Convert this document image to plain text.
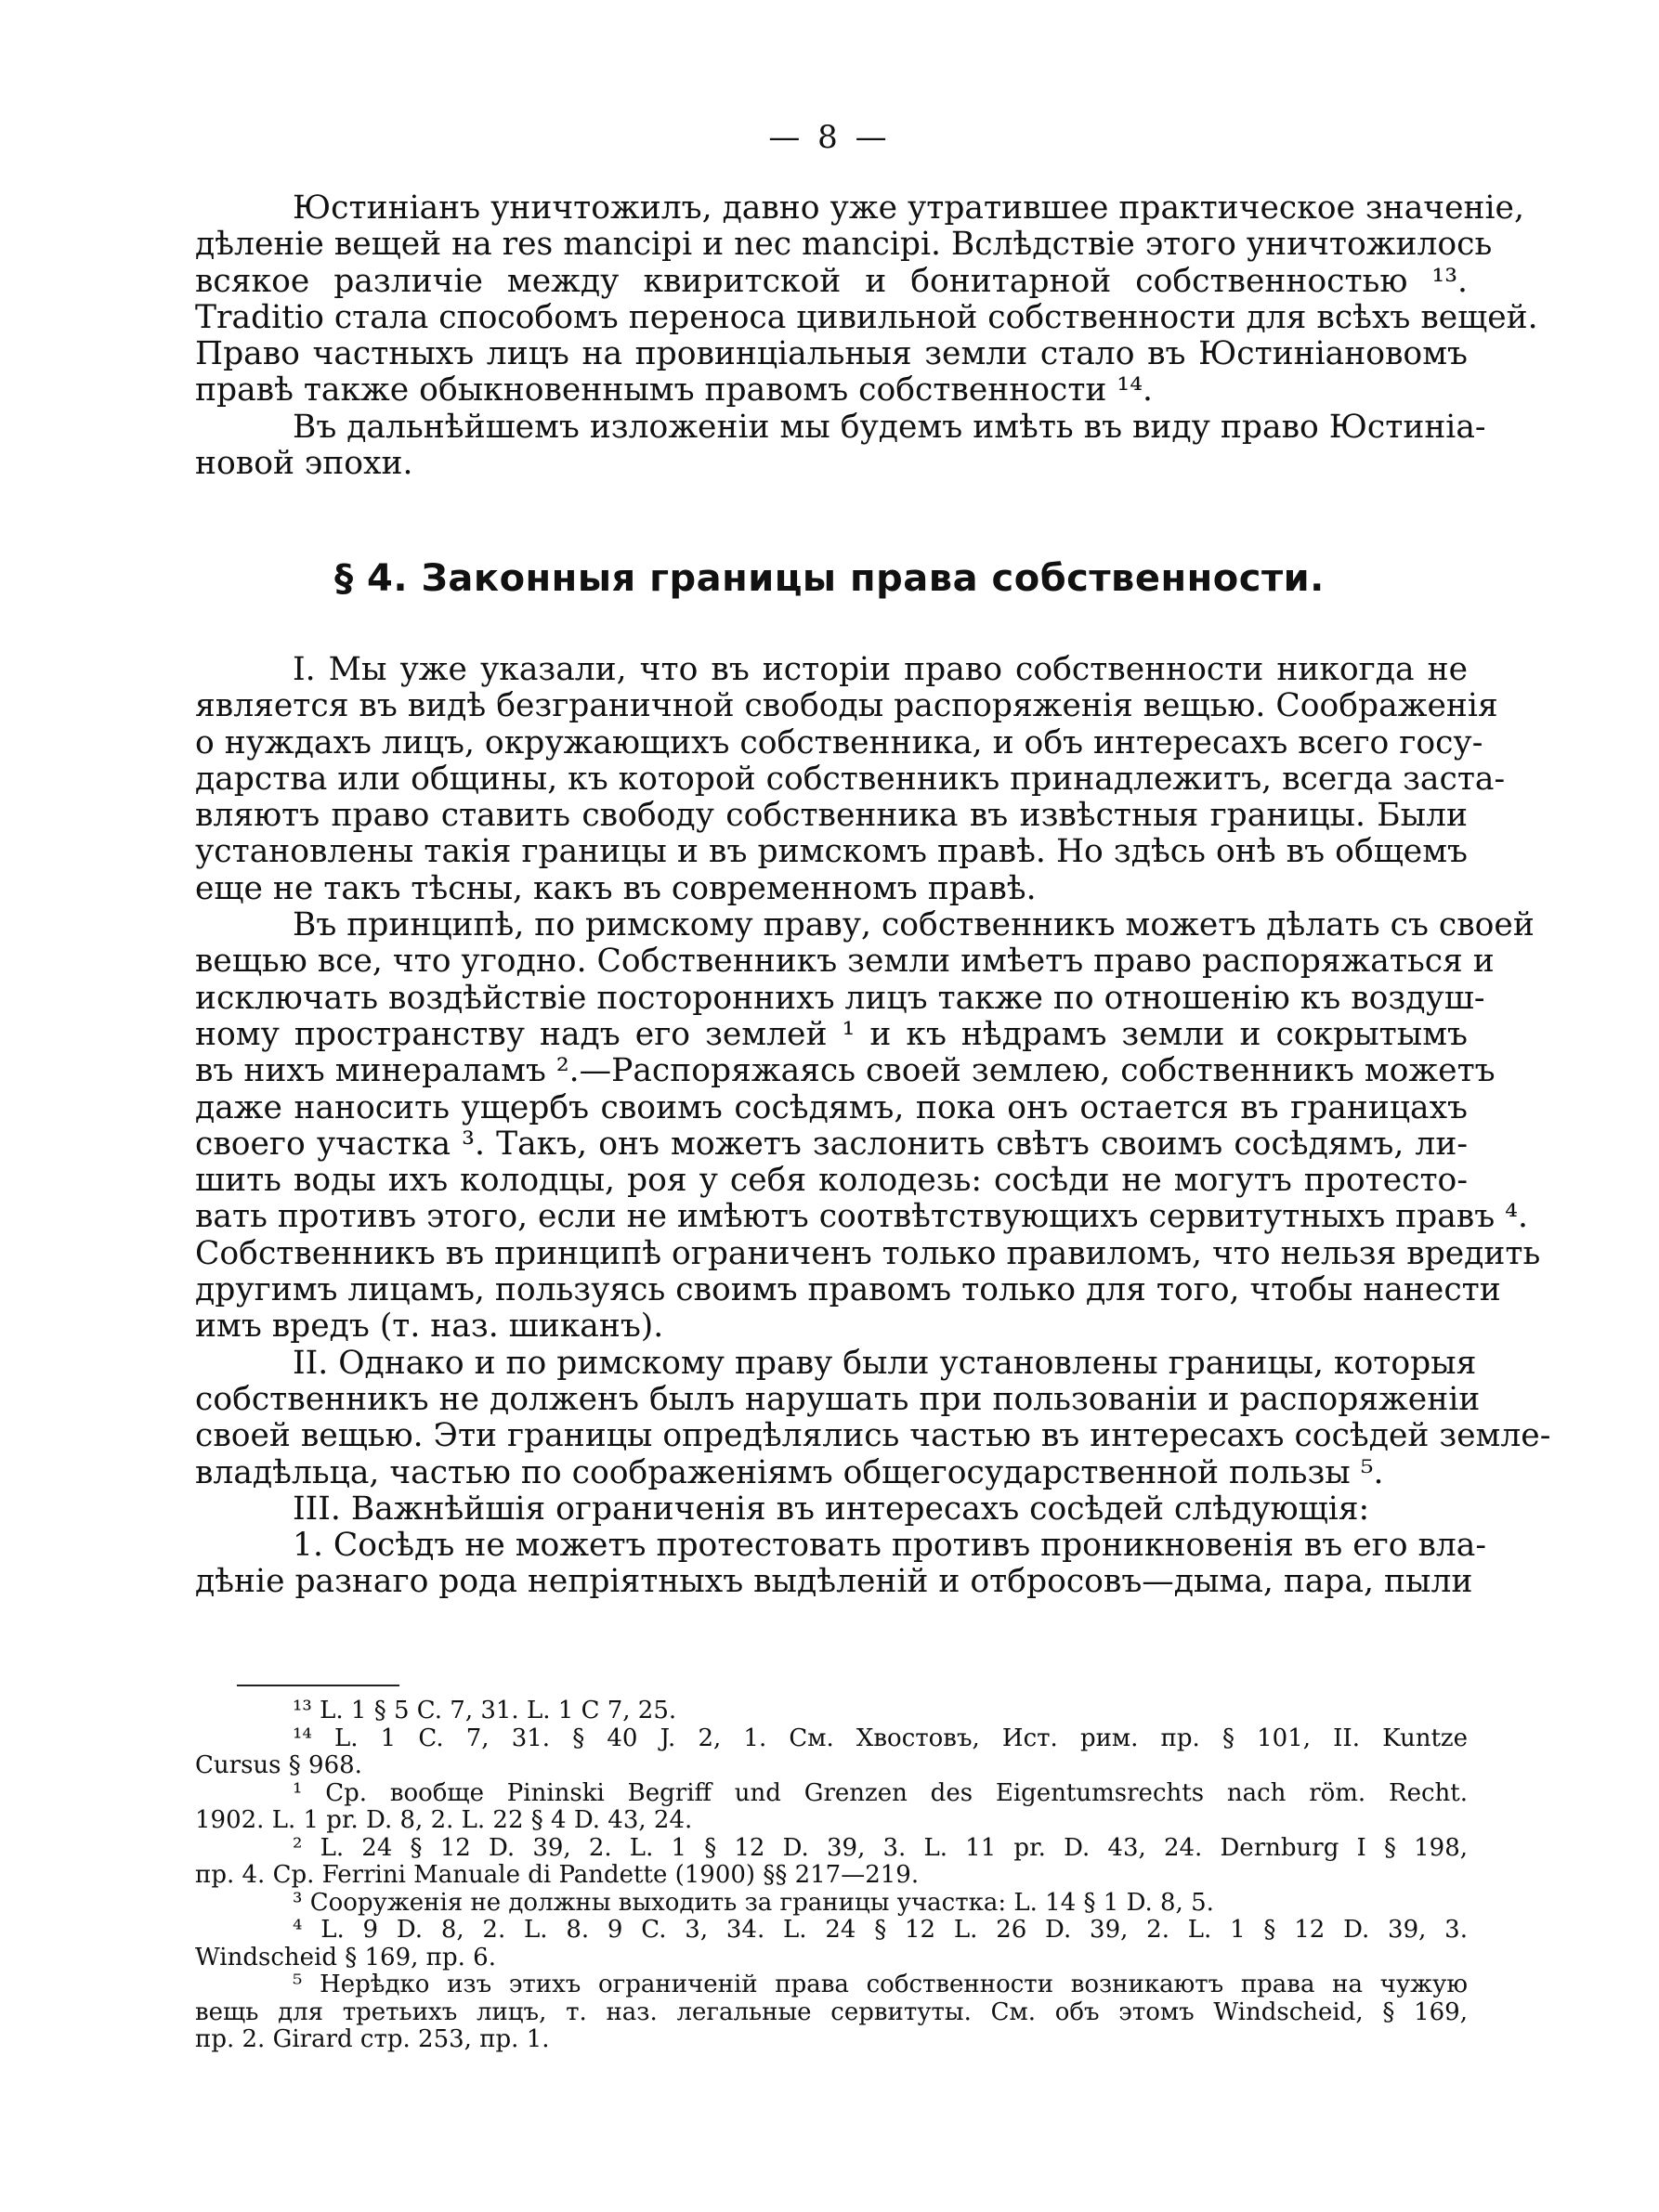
— 8 —

Юстиніанъ уничтожилъ, давно уже утратившее практическое значеніе,
дѣленіе вещей на res mancipi и nec mancipi. Вслѣдствіе этого уничтожилось
всякое различіе между квиритской и бонитарной собственностью ¹³.
Traditio стала способомъ переноса цивильной собственности для всѣхъ вещей.
Право частныхъ лицъ на провинціальныя земли стало въ Юстиніановомъ
правѣ также обыкновеннымъ правомъ собственности ¹⁴.

Въ дальнѣйшемъ изложеніи мы будемъ имѣть въ виду право Юстиніа-
новой эпохи.

§ 4. Законныя границы права собственности.

I. Мы уже указали, что въ исторіи право собственности никогда не
является въ видѣ безграничной свободы распоряженія вещью. Соображенія
о нуждахъ лицъ, окружающихъ собственника, и объ интересахъ всего госу-
дарства или общины, къ которой собственникъ принадлежитъ, всегда заста-
вляютъ право ставить свободу собственника въ извѣстныя границы. Были
установлены такія границы и въ римскомъ правѣ. Но здѣсь онѣ въ общемъ
еще не такъ тѣсны, какъ въ современномъ правѣ.

Въ принципѣ, по римскому праву, собственникъ можетъ дѣлать съ своей
вещью все, что угодно. Собственникъ земли имѣетъ право распоряжаться и
исключать воздѣйствіе постороннихъ лицъ также по отношенію къ воздуш-
ному пространству надъ его землей ¹ и къ нѣдрамъ земли и сокрытымъ
въ нихъ минераламъ ².—Распоряжаясь своей землею, собственникъ можетъ
даже наносить ущербъ своимъ сосѣдямъ, пока онъ остается въ границахъ
своего участка ³. Такъ, онъ можетъ заслонить свѣтъ своимъ сосѣдямъ, ли-
шить воды ихъ колодцы, роя у себя колодезь: сосѣди не могутъ протесто-
вать противъ этого, если не имѣютъ соотвѣтствующихъ сервитутныхъ правъ ⁴.
Собственникъ въ принципѣ ограниченъ только правиломъ, что нельзя вредить
другимъ лицамъ, пользуясь своимъ правомъ только для того, чтобы нанести
имъ вредъ (т. наз. шиканъ).

II. Однако и по римскому праву были установлены границы, которыя
собственникъ не долженъ былъ нарушать при пользованіи и распоряженіи
своей вещью. Эти границы опредѣлялись частью въ интересахъ сосѣдей земле-
владѣльца, частью по соображеніямъ общегосударственной пользы ⁵.

III. Важнѣйшія ограниченія въ интересахъ сосѣдей слѣдующія:

1. Сосѣдъ не можетъ протестовать противъ проникновенія въ его вла-
дѣніе разнаго рода непріятныхъ выдѣленій и отбросовъ—дыма, пара, пыли

¹³ L. 1 § 5 C. 7, 31. L. 1 C 7, 25.
¹⁴ L. 1 C. 7, 31. § 40 J. 2, 1. См. Хвостовъ, Ист. рим. пр. § 101, II. Kuntze
Cursus § 968.
¹ Ср. вообще Pininski Begriff und Grenzen des Eigentumsrechts nach röm. Recht.
1902. L. 1 pr. D. 8, 2. L. 22 § 4 D. 43, 24.
² L. 24 § 12 D. 39, 2. L. 1 § 12 D. 39, 3. L. 11 pr. D. 43, 24. Dernburg I § 198,
пр. 4. Ср. Ferrini Manuale di Pandette (1900) §§ 217—219.
³ Сооруженія не должны выходить за границы участка: L. 14 § 1 D. 8, 5.
⁴ L. 9 D. 8, 2. L. 8. 9 C. 3, 34. L. 24 § 12 L. 26 D. 39, 2. L. 1 § 12 D. 39, 3.
Windscheid § 169, пр. 6.
⁵ Нерѣдко изъ этихъ ограниченій права собственности возникаютъ права на чужую
вещь для третьихъ лицъ, т. наз. легальные сервитуты. См. объ этомъ Windscheid, § 169,
пр. 2. Girard стр. 253, пр. 1.
